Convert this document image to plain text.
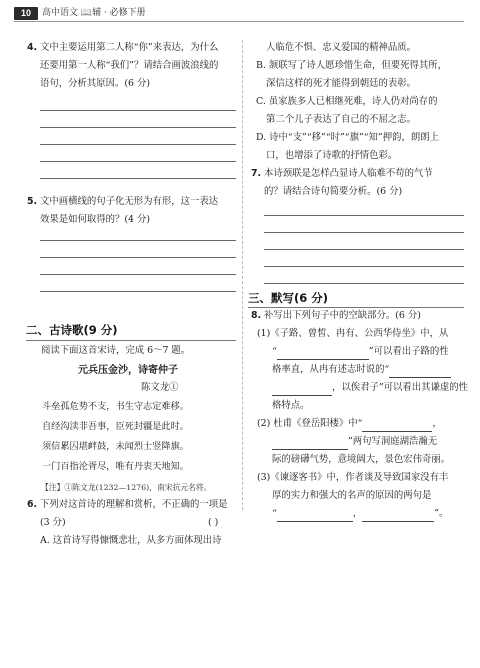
10	高中语文 📖辅 · 必修下册
4. 文中主要运用第二人称“你”来表达，为什么
还要用第一人称“我们”？请结合画波浪线的
语句，分析其原因。(6 分)
5. 文中画横线的句子化无形为有形，这一表达
效果是如何取得的？(4 分)
二、古诗歌(9 分)
阅读下面这首宋诗，完成 6～7 题。
元兵压金沙，诗寄仲子
陈文龙①
斗垒孤危势不支，书生守志定难移。
自经沟渎非吾事，臣死封疆是此时。
须信累囚堪衅鼓，未闻烈士竖降旗。
一门百指沦胥尽，唯有丹衷天地知。
【注】①陈文龙(1232—1276)，南宋抗元名将。
6. 下列对这首诗的理解和赏析，不正确的一项是
(3 分)	( )
A. 这首诗写得慷慨悲壮，从多方面体现出诗
人临危不惧、忠义爱国的精神品质。
B. 颔联写了诗人愿珍惜生命，但要死得其所，
深信这样的死才能得到朝廷的表彰。
C. 虽家族多人已相继死难，诗人仍对尚存的
第二个儿子表达了自己的不屈之志。
D. 诗中“支”“移”“时”“旗”“知”押韵，朗朗上
口，也增添了诗歌的抒情色彩。
7. 本诗颈联是怎样凸显诗人临难不苟的气节
的？请结合诗句简要分析。(6 分)
三、默写(6 分)
8. 补写出下列句子中的空缺部分。(6 分)
(1)《子路、曾皙、冉有、公西华侍坐》中，从
“	”可以看出子路的性
格率直，从冉有述志时说的“
，以俟君子”可以看出其谦虚的性
格特点。
(2) 杜甫《登岳阳楼》中“	，
”两句写洞庭湖浩瀚无
际的磅礴气势，意境阔大，景色宏伟奇丽。
(3)《谏逐客书》中，作者谈及导致国家没有丰
厚的实力和强大的名声的原因的两句是
“	，	”。
